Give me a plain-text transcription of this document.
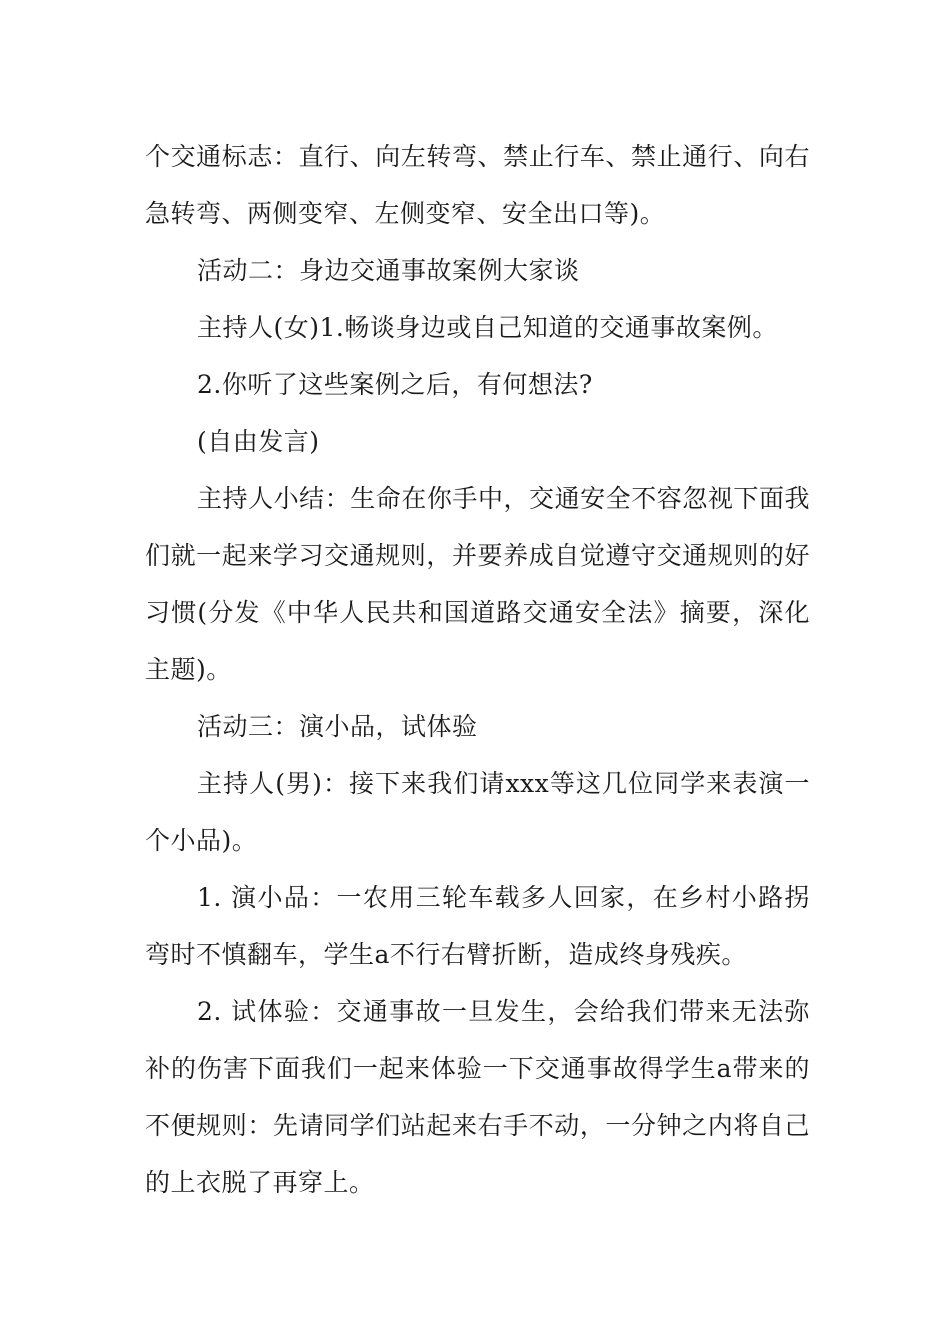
个交通标志：直行、向左转弯、禁止行车、禁止通行、向右急转弯、两侧变窄、左侧变窄、安全出口等)。

活动二：身边交通事故案例大家谈

主持人(女)1.畅谈身边或自己知道的交通事故案例。

2.你听了这些案例之后，有何想法?

(自由发言)

主持人小结：生命在你手中，交通安全不容忽视下面我们就一起来学习交通规则，并要养成自觉遵守交通规则的好习惯(分发《中华人民共和国道路交通安全法》摘要，深化主题)。

活动三：演小品，试体验

主持人(男)：接下来我们请xxx等这几位同学来表演一个小品)。

1. 演小品：一农用三轮车载多人回家，在乡村小路拐弯时不慎翻车，学生a不行右臂折断，造成终身残疾。

2. 试体验：交通事故一旦发生，会给我们带来无法弥补的伤害下面我们一起来体验一下交通事故得学生a带来的不便规则：先请同学们站起来右手不动，一分钟之内将自己的上衣脱了再穿上。
